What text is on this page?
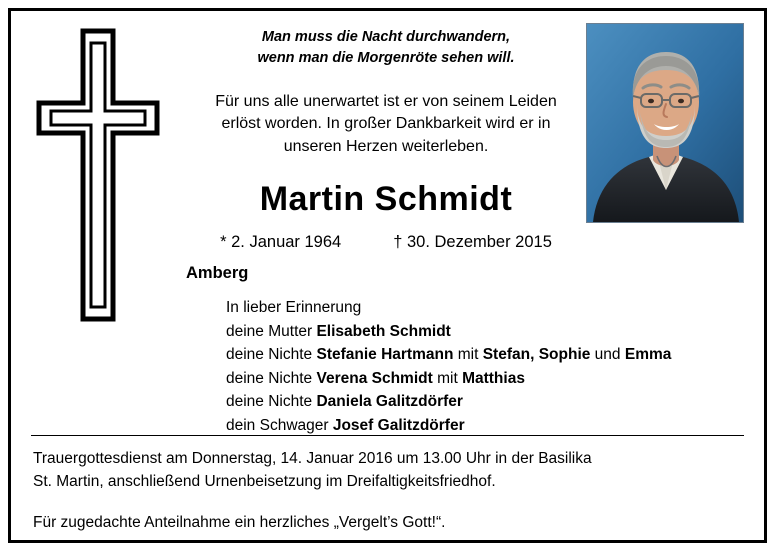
Man muss die Nacht durchwandern,
wenn man die Morgenröte sehen will.

Für uns alle unerwartet ist er von seinem Leiden
erlöst worden. In großer Dankbarkeit wird er in
unseren Herzen weiterleben.

Martin Schmidt
* 2. Januar 1964	† 30. Dezember 2015
Amberg
In lieber Erinnerung
deine Mutter Elisabeth Schmidt
deine Nichte Stefanie Hartmann mit Stefan, Sophie und Emma
deine Nichte Verena Schmidt mit Matthias
deine Nichte Daniela Galitzdörfer
dein Schwager Josef Galitzdörfer
Trauergottesdienst am Donnerstag, 14. Januar 2016 um 13.00 Uhr in der Basilika
St. Martin, anschließend Urnenbeisetzung im Dreifaltigkeitsfriedhof.
Für zugedachte Anteilnahme ein herzliches „Vergelt’s Gott!“.
